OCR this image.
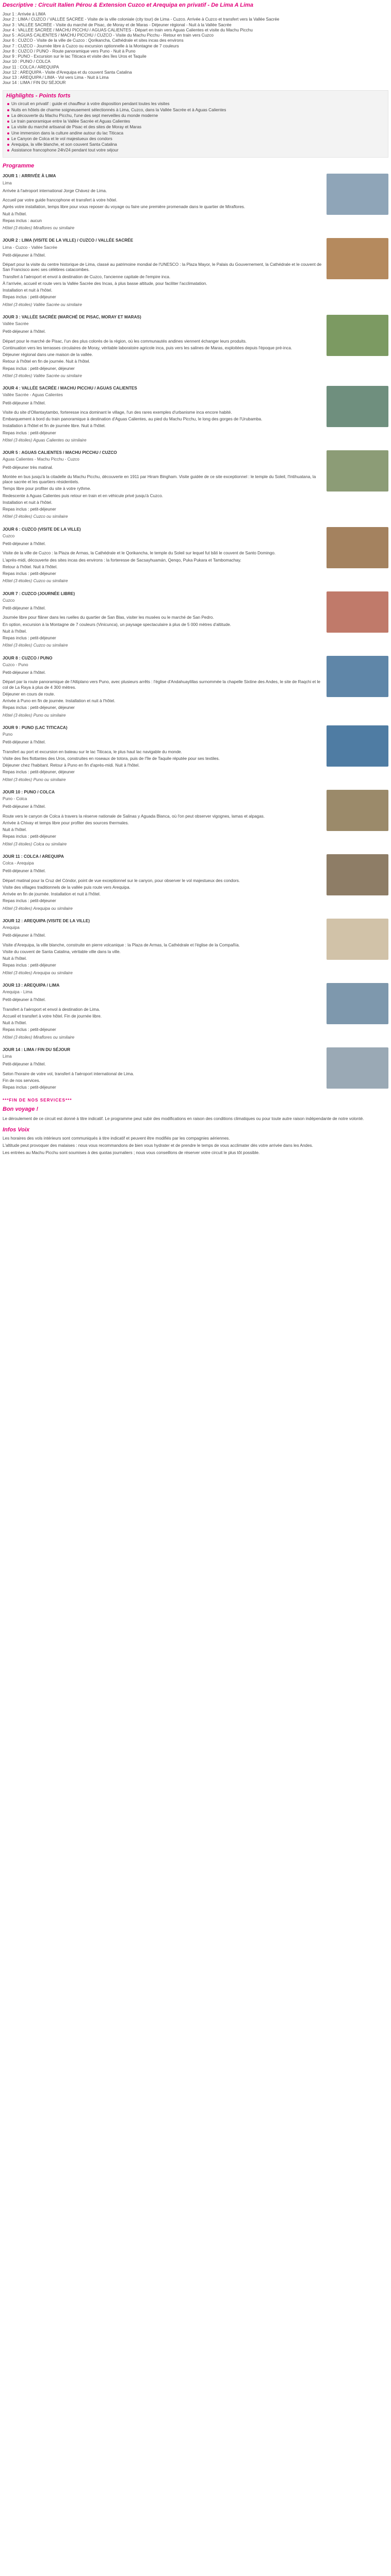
Descriptive : Circuit Italien Pérou & Extension Cuzco et Arequipa en privatif - De Lima A Lima
Jour 1 : Arrivée à LIMA
Jour 2 : LIMA / CUZCO / VALLÉE SACRÉE - Visite de la ville coloniale (city tour) de Lima - Cuzco. Arrivée à Cuzco et transfert vers la Vallée Sacrée
Jour 3 : VALLÉE SACRÉE - Visite du marché de Pisac, de Moray et de Maras - Déjeuner régional - Nuit à la Vallée Sacrée
Jour 4 : VALLÉE SACRÉE / MACHU PICCHU / AGUAS CALIENTES - Départ en train vers Aguas Calientes et visite du Machu Picchu
Jour 5 : AGUAS CALIENTES / MACHU PICCHU / CUZCO - Visite du Machu Picchu - Retour en train vers Cuzco
Jour 6 : CUZCO - Visite de la ville de Cuzco : Qorikancha, Cathédrale et sites incas des environs
Jour 7 : CUZCO - Journée libre à Cuzco ou excursion optionnelle à la Montagne de 7 couleurs
Jour 8 : CUZCO / PUNO - Route panoramique vers Puno - Nuit à Puno
Jour 9 : PUNO - Excursion sur le lac Titicaca et visite des îles Uros et Taquile
Jour 10 : PUNO / COLCA
Jour 11 : COLCA / AREQUIPA
Jour 12 : AREQUIPA - Visite d'Arequipa et du couvent Santa Catalina
Jour 13 : AREQUIPA / LIMA - Vol vers Lima - Nuit à Lima
Jour 14 : LIMA / FIN DU SÉJOUR
Highlights - Points forts
Un circuit en privatif : guide et chauffeur à votre disposition pendant toutes les visites
Nuits en hôtels de charme soigneusement sélectionnés à Lima, Cuzco, dans la Vallée Sacrée et à Aguas Calientes
La découverte du Machu Picchu, l'une des sept merveilles du monde moderne
Le train panoramique entre la Vallée Sacrée et Aguas Calientes
La visite du marché artisanal de Pisac et des sites de Moray et Maras
Une immersion dans la culture andine autour du lac Titicaca
Le Canyon de Colca et le vol majestueux des condors
Arequipa, la ville blanche, et son couvent Santa Catalina
Assistance francophone 24h/24 pendant tout votre séjour
Programme
JOUR 1 : ARRIVÉE À LIMA
Lima

Arrivée à l'aéroport international Jorge Chávez de Lima.

Accueil par votre guide francophone et transfert à votre hôtel.

Après votre installation, temps libre pour vous reposer du voyage ou faire une première promenade dans le quartier de Miraflores.

Nuit à l'hôtel.

Repas inclus : aucun
Hôtel (3 étoiles) Miraflores ou similaire
JOUR 2 : LIMA (VISITE DE LA VILLE) / CUZCO / VALLÉE SACRÉE
Lima - Cuzco - Vallée Sacrée

Petit-déjeuner à l'hôtel.

Départ pour la visite du centre historique de Lima, classé au patrimoine mondial de l'UNESCO : la Plaza Mayor, le Palais du Gouvernement, la Cathédrale et le couvent de San Francisco avec ses célèbres catacombes.

Transfert à l'aéroport et envol à destination de Cuzco, l'ancienne capitale de l'empire inca.

À l'arrivée, accueil et route vers la Vallée Sacrée des Incas, à plus basse altitude, pour faciliter l'acclimatation.

Installation et nuit à l'hôtel.

Repas inclus : petit-déjeuner
Hôtel (3 étoiles) Vallée Sacrée ou similaire
JOUR 3 : VALLÉE SACRÉE (MARCHÉ DE PISAC, MORAY ET MARAS)
Vallée Sacrée

Petit-déjeuner à l'hôtel.

Départ pour le marché de Pisac, l'un des plus colorés de la région, où les communautés andines viennent échanger leurs produits.

Continuation vers les terrasses circulaires de Moray, véritable laboratoire agricole inca, puis vers les salines de Maras, exploitées depuis l'époque pré-inca.

Déjeuner régional dans une maison de la vallée.

Retour à l'hôtel en fin de journée. Nuit à l'hôtel.

Repas inclus : petit-déjeuner, déjeuner
Hôtel (3 étoiles) Vallée Sacrée ou similaire
JOUR 4 : VALLÉE SACRÉE / MACHU PICCHU / AGUAS CALIENTES
Vallée Sacrée - Aguas Calientes

Petit-déjeuner à l'hôtel.

Visite du site d'Ollantaytambo, forteresse inca dominant le village, l'un des rares exemples d'urbanisme inca encore habité.

Embarquement à bord du train panoramique à destination d'Aguas Calientes, au pied du Machu Picchu, le long des gorges de l'Urubamba.

Installation à l'hôtel et fin de journée libre. Nuit à l'hôtel.

Repas inclus : petit-déjeuner
Hôtel (3 étoiles) Aguas Calientes ou similaire
JOUR 5 : AGUAS CALIENTES / MACHU PICCHU / CUZCO
Aguas Calientes - Machu Picchu - Cuzco

Petit-déjeuner très matinal.

Montée en bus jusqu'à la citadelle du Machu Picchu, découverte en 1911 par Hiram Bingham. Visite guidée de ce site exceptionnel : le temple du Soleil, l'Intihuatana, la place sacrée et les quartiers résidentiels.

Temps libre pour profiter du site à votre rythme.

Redescente à Aguas Calientes puis retour en train et en véhicule privé jusqu'à Cuzco.

Installation et nuit à l'hôtel.

Repas inclus : petit-déjeuner
Hôtel (3 étoiles) Cuzco ou similaire
JOUR 6 : CUZCO (VISITE DE LA VILLE)
Cuzco

Petit-déjeuner à l'hôtel.

Visite de la ville de Cuzco : la Plaza de Armas, la Cathédrale et le Qorikancha, le temple du Soleil sur lequel fut bâti le couvent de Santo Domingo.

L'après-midi, découverte des sites incas des environs : la forteresse de Sacsayhuamán, Qenqo, Puka Pukara et Tambomachay.

Retour à l'hôtel. Nuit à l'hôtel.

Repas inclus : petit-déjeuner
Hôtel (3 étoiles) Cuzco ou similaire
JOUR 7 : CUZCO (JOURNÉE LIBRE)
Cuzco

Petit-déjeuner à l'hôtel.

Journée libre pour flâner dans les ruelles du quartier de San Blas, visiter les musées ou le marché de San Pedro.

En option, excursion à la Montagne de 7 couleurs (Vinicunca), un paysage spectaculaire à plus de 5 000 mètres d'altitude.

Nuit à l'hôtel.

Repas inclus : petit-déjeuner
Hôtel (3 étoiles) Cuzco ou similaire
JOUR 8 : CUZCO / PUNO
Cuzco - Puno

Petit-déjeuner à l'hôtel.

Départ par la route panoramique de l'Altiplano vers Puno, avec plusieurs arrêts : l'église d'Andahuaylillas surnommée la chapelle Sixtine des Andes, le site de Raqchi et le col de La Raya à plus de 4 300 mètres.

Déjeuner en cours de route.

Arrivée à Puno en fin de journée. Installation et nuit à l'hôtel.

Repas inclus : petit-déjeuner, déjeuner
Hôtel (3 étoiles) Puno ou similaire
JOUR 9 : PUNO (LAC TITICACA)
Puno

Petit-déjeuner à l'hôtel.

Transfert au port et excursion en bateau sur le lac Titicaca, le plus haut lac navigable du monde.

Visite des îles flottantes des Uros, construites en roseaux de totora, puis de l'île de Taquile réputée pour ses textiles.

Déjeuner chez l'habitant. Retour à Puno en fin d'après-midi. Nuit à l'hôtel.

Repas inclus : petit-déjeuner, déjeuner
Hôtel (3 étoiles) Puno ou similaire
JOUR 10 : PUNO / COLCA
Puno - Colca

Petit-déjeuner à l'hôtel.

Route vers le canyon de Colca à travers la réserve nationale de Salinas y Aguada Blanca, où l'on peut observer vigognes, lamas et alpagas.

Arrivée à Chivay et temps libre pour profiter des sources thermales.

Nuit à l'hôtel.

Repas inclus : petit-déjeuner
Hôtel (3 étoiles) Colca ou similaire
JOUR 11 : COLCA / AREQUIPA
Colca - Arequipa

Petit-déjeuner à l'hôtel.

Départ matinal pour la Cruz del Cóndor, point de vue exceptionnel sur le canyon, pour observer le vol majestueux des condors.

Visite des villages traditionnels de la vallée puis route vers Arequipa.

Arrivée en fin de journée. Installation et nuit à l'hôtel.

Repas inclus : petit-déjeuner
Hôtel (3 étoiles) Arequipa ou similaire
JOUR 12 : AREQUIPA (VISITE DE LA VILLE)
Arequipa

Petit-déjeuner à l'hôtel.

Visite d'Arequipa, la ville blanche, construite en pierre volcanique : la Plaza de Armas, la Cathédrale et l'église de la Compañía.

Visite du couvent de Santa Catalina, véritable ville dans la ville.

Nuit à l'hôtel.

Repas inclus : petit-déjeuner
Hôtel (3 étoiles) Arequipa ou similaire
JOUR 13 : AREQUIPA / LIMA
Arequipa - Lima

Petit-déjeuner à l'hôtel.

Transfert à l'aéroport et envol à destination de Lima.

Accueil et transfert à votre hôtel. Fin de journée libre.

Nuit à l'hôtel.

Repas inclus : petit-déjeuner
Hôtel (3 étoiles) Miraflores ou similaire
JOUR 14 : LIMA / FIN DU SÉJOUR
Lima

Petit-déjeuner à l'hôtel.

Selon l'horaire de votre vol, transfert à l'aéroport international de Lima.

Fin de nos services.

Repas inclus : petit-déjeuner
***FIN DE NOS SERVICES***
Bon voyage !

Le déroulement de ce circuit est donné à titre indicatif. Le programme peut subir des modifications en raison des conditions climatiques ou pour toute autre raison indépendante de notre volonté.

Infos Voix

Les horaires des vols intérieurs sont communiqués à titre indicatif et peuvent être modifiés par les compagnies aériennes.

L'altitude peut provoquer des malaises : nous vous recommandons de bien vous hydrater et de prendre le temps de vous acclimater dès votre arrivée dans les Andes.

Les entrées au Machu Picchu sont soumises à des quotas journaliers ; nous vous conseillons de réserver votre circuit le plus tôt possible.
